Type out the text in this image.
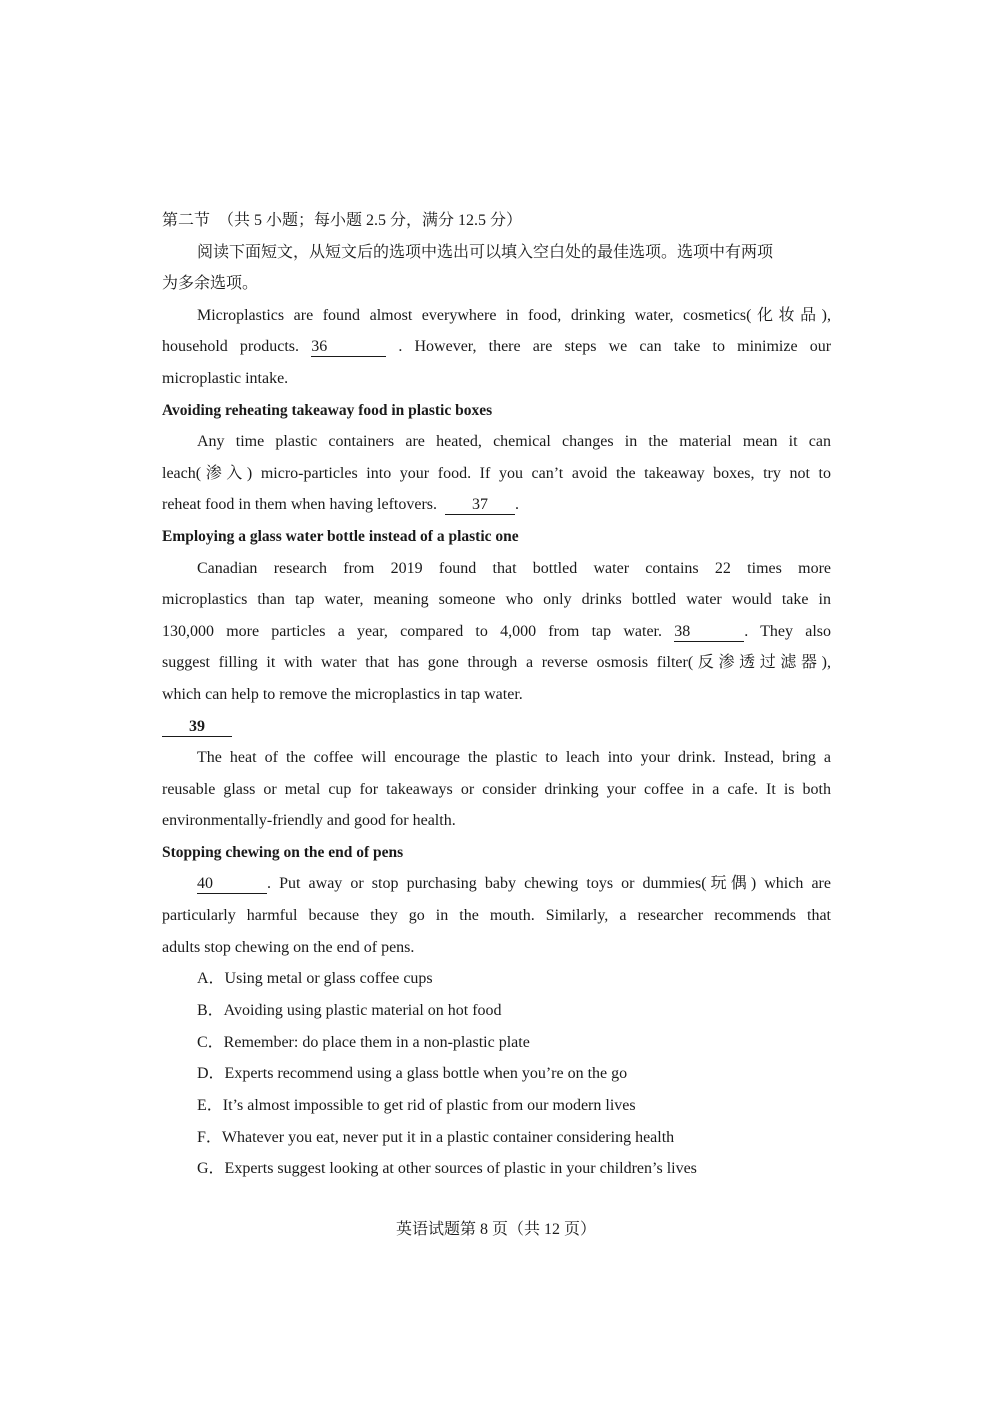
第二节　（共 5 小题；每小题 2.5 分，满分 12.5 分）
阅读下面短文，从短文后的选项中选出可以填入空白处的最佳选项。选项中有两项
为多余选项。
Microplastics are found almost everywhere in food, drinking water, cosmetics(化妆品),
household products. 36	. However, there are steps we can take to minimize our
microplastic intake.
Avoiding reheating takeaway food in plastic boxes
Any time plastic containers are heated, chemical changes in the material mean it can
leach(渗入) micro-particles into your food. If you can’t avoid the takeaway boxes, try not to
reheat food in them when having leftovers. 37 .
Employing a glass water bottle instead of a plastic one
Canadian research from 2019 found that bottled water contains 22 times more
microplastics than tap water, meaning someone who only drinks bottled water would take in
130,000 more particles a year, compared to 4,000 from tap water. 38	. They also
suggest filling it with water that has gone through a reverse osmosis filter(反渗透过滤器),
which can help to remove the microplastics in tap water.
39
The heat of the coffee will encourage the plastic to leach into your drink. Instead, bring a
reusable glass or metal cup for takeaways or consider drinking your coffee in a cafe. It is both
environmentally-friendly and good for health.
Stopping chewing on the end of pens
40	. Put away or stop purchasing baby chewing toys or dummies(玩偶) which are
particularly harmful because they go in the mouth. Similarly, a researcher recommends that
adults stop chewing on the end of pens.
A．Using metal or glass coffee cups
B．Avoiding using plastic material on hot food
C．Remember: do place them in a non-plastic plate
D．Experts recommend using a glass bottle when you’re on the go
E．It’s almost impossible to get rid of plastic from our modern lives
F．Whatever you eat, never put it in a plastic container considering health
G．Experts suggest looking at other sources of plastic in your children’s lives
英语试题第 8 页（共 12 页）
